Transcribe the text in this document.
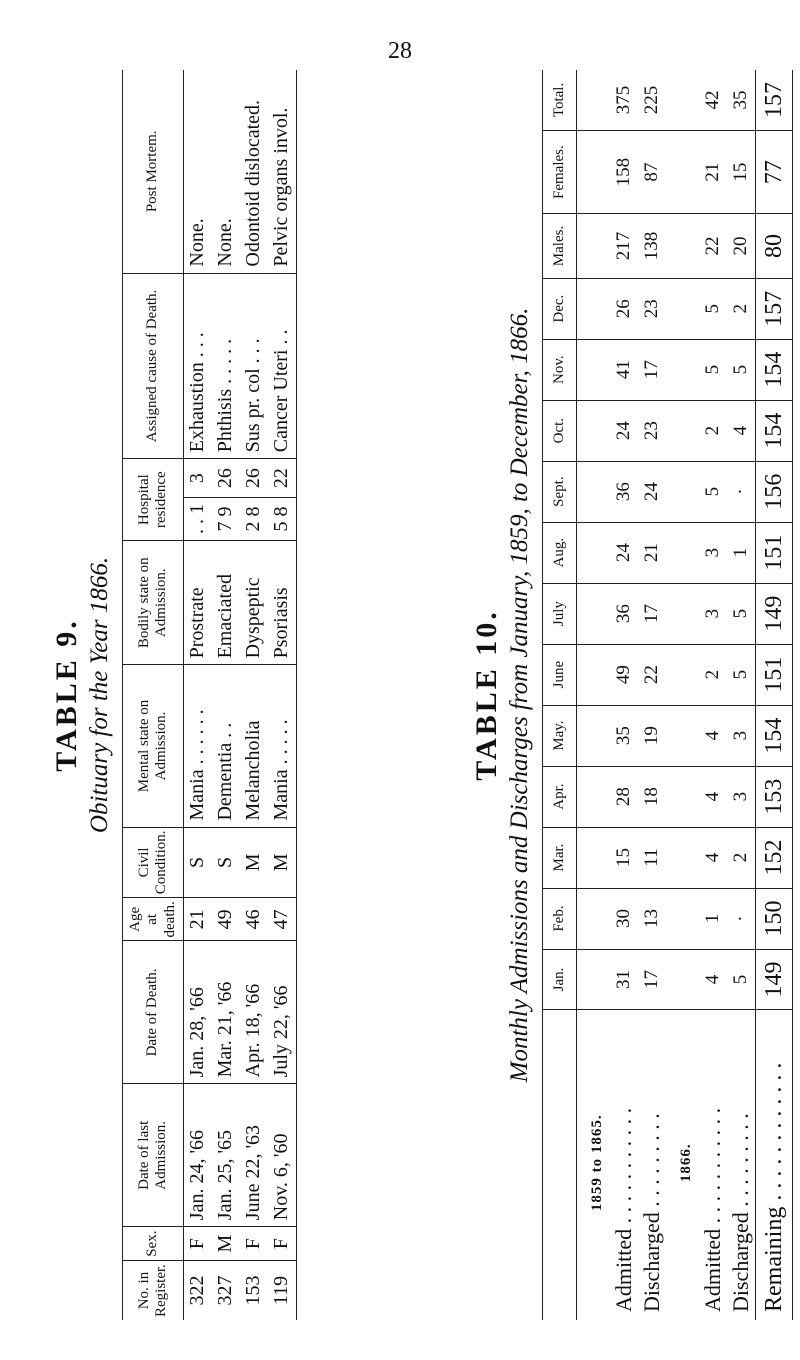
28
TABLE 9. Obituary for the Year 1866.
No. in Register.	Sex.	Date of last Admission.	Date of Death.	Age at death.	Civil Condition.	Mental state on Admission.	Bodily state on Admission.	Hospital residence		Assigned cause of Death.	Post Mortem.
322	F	Jan. 24, '66	Jan. 28, '66	21	S	Mania . . . . . .	Prostrate	. . 1	3	Exhaustion . . .	None.
327	M	Jan. 25, '65	Mar. 21, '66	49	S	Dementia . .	Emaciated	7 9	26	Phthisis . . . . .	None.
153	F	June 22, '63	Apr. 18, '66	46	M	Melancholia	Dyspeptic	2 8	26	Sus pr. col . . .	Odontoid dislocated.
119	F	Nov. 6, '60	July 22, '66	47	M	Mania . . . . .	Psoriasis	5 8	22	Cancer Uteri . .	Pelvic organs invol.
TABLE 10. Monthly Admissions and Discharges from January, 1859, to December, 1866.
	Jan.	Feb.	Mar.	Apr.	May.	June	July	Aug.	Sept.	Oct.	Nov.	Dec.	Males.	Females.	Total.
1859 to 1865.															
Admitted . . . . . . . . . . .	31	30	15	28	35	49	36	24	36	24	41	26	217	158	375
Discharged . . . . . . . . .	17	13	11	18	19	22	17	21	24	23	17	23	138	87	225
1866.															
Admitted . . . . . . . . . . .	4	1	4	4	4	2	3	3	5	2	5	5	22	21	42
Discharged . . . . . . . . .	5	·	2	3	3	5	5	1	·	4	5	2	20	15	35
Remaining . . . . . . . . . . . .	149	150	152	153	154	151	149	151	156	154	154	157	80	77	157
